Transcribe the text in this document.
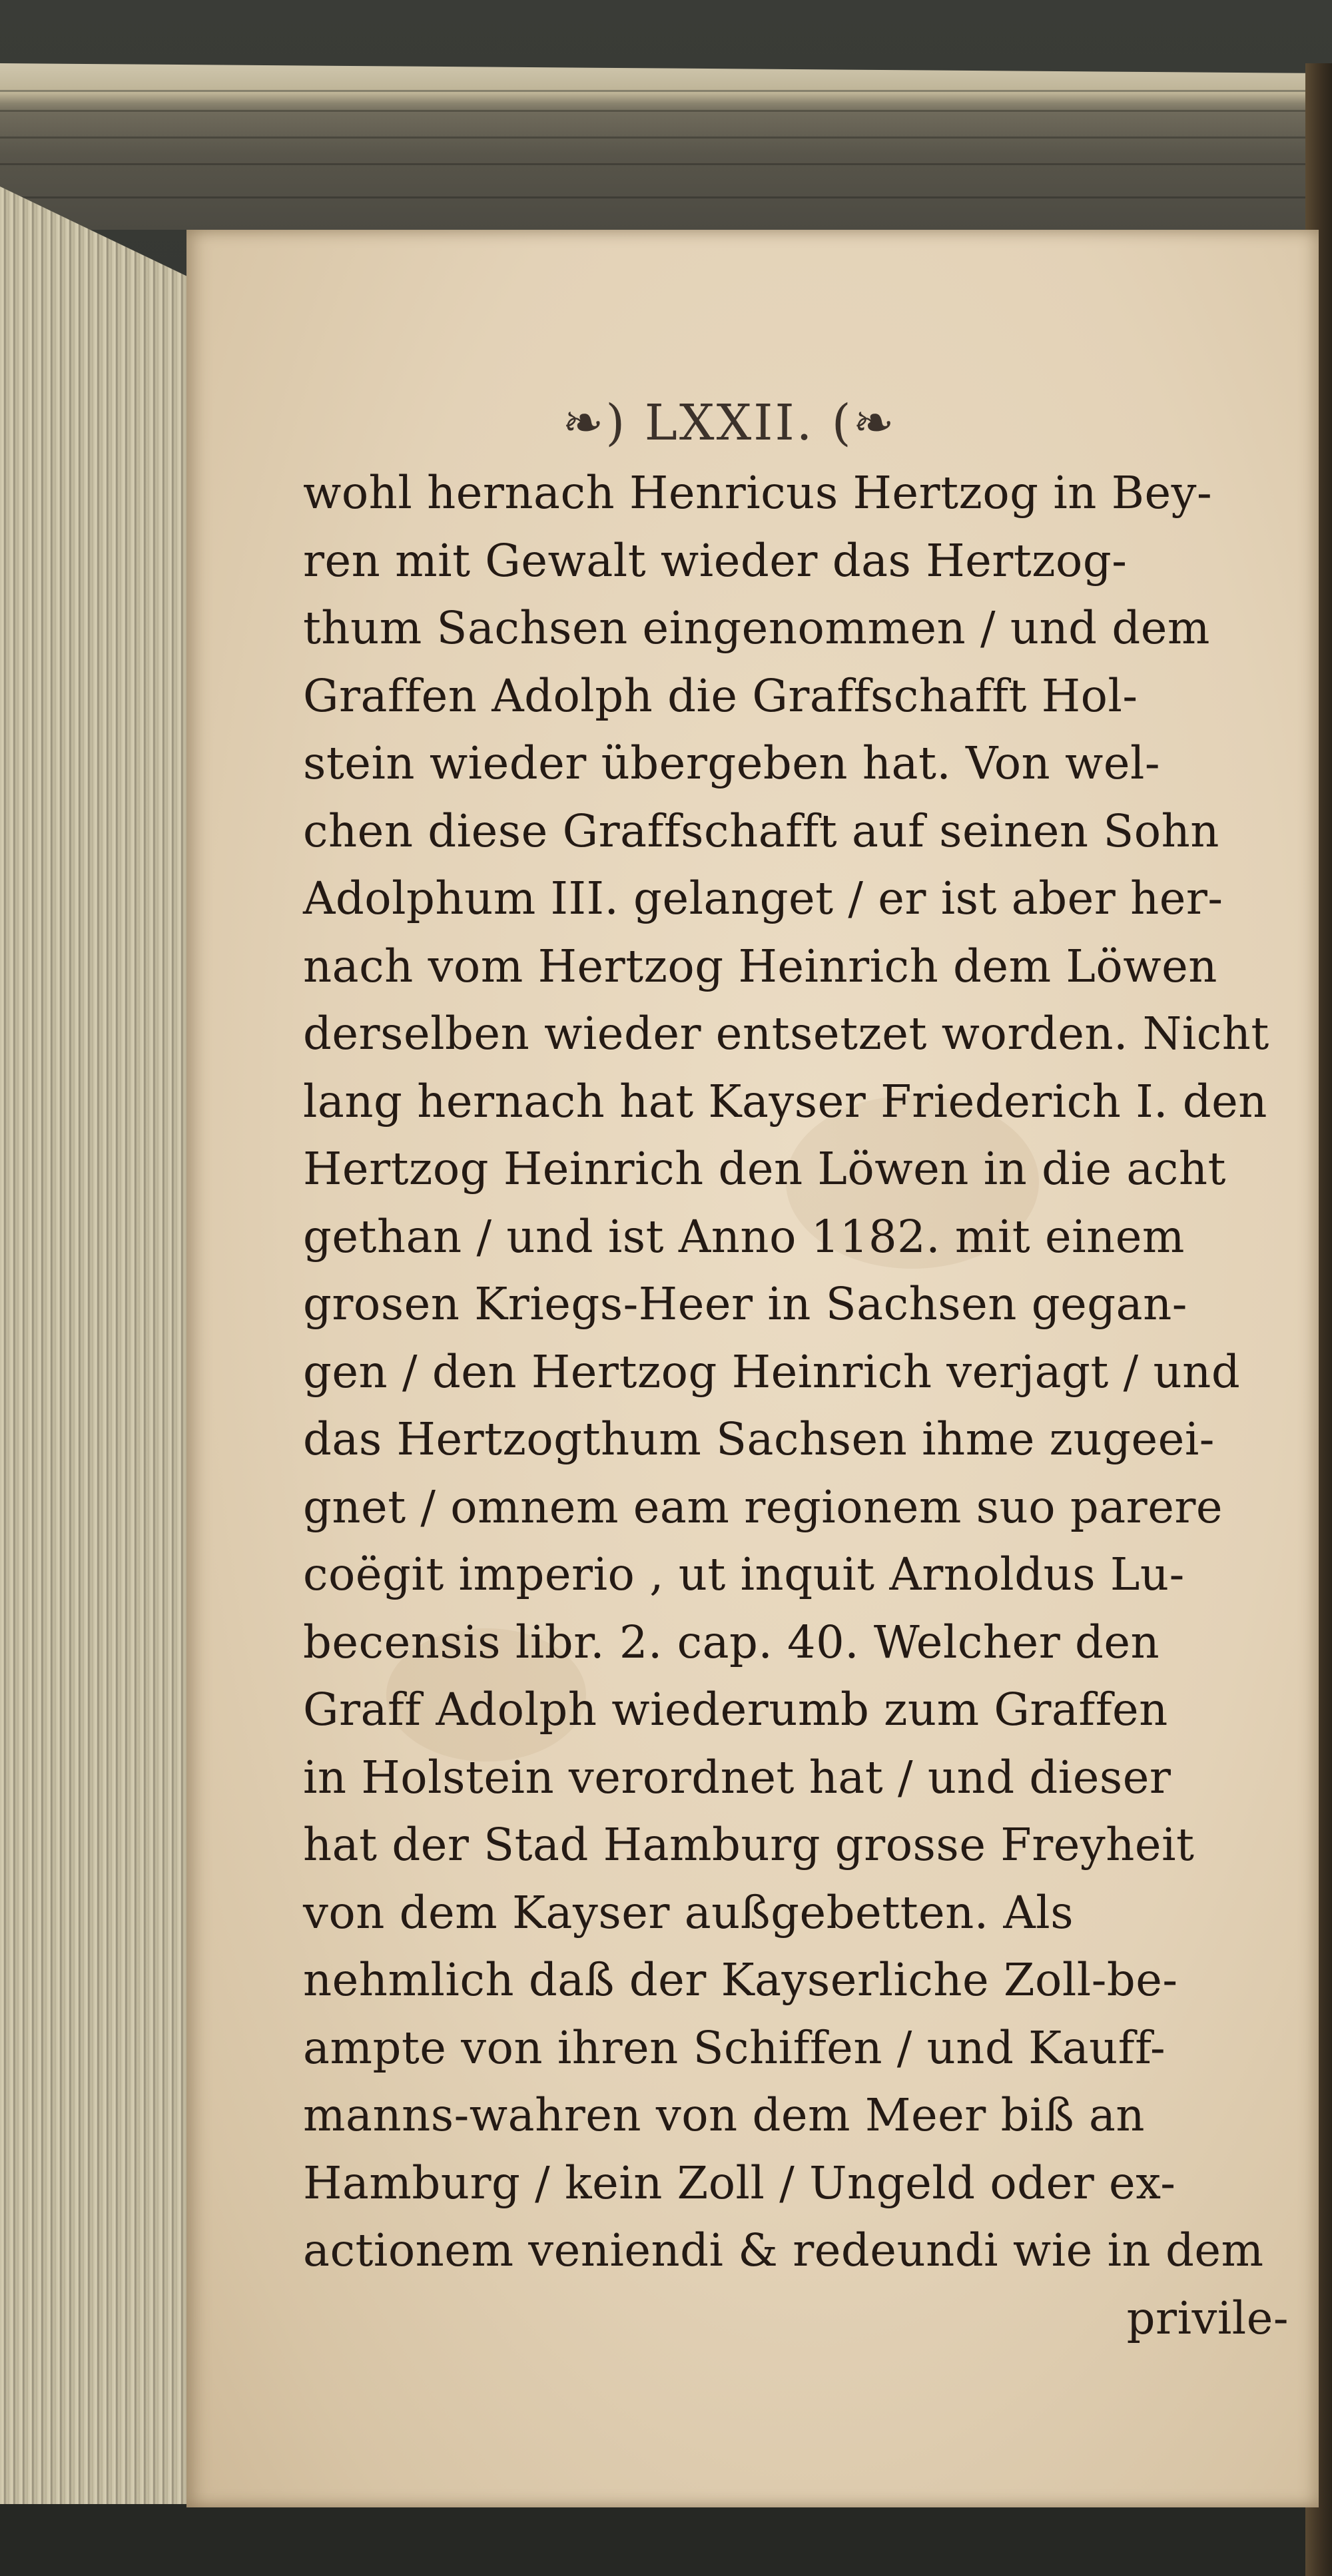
❧) LXXII. (❧
wohl hernach Henricus Hertzog in Bey-
ren mit Gewalt wieder das Hertzog-
thum Sachsen eingenommen / und dem
Graffen Adolph die Graffschafft Hol-
stein wieder übergeben hat. Von wel-
chen diese Graffschafft auf seinen Sohn
Adolphum III. gelanget / er ist aber her-
nach vom Hertzog Heinrich dem Löwen
derselben wieder entsetzet worden. Nicht
lang hernach hat Kayser Friederich I. den
Hertzog Heinrich den Löwen in die acht
gethan / und ist Anno 1182. mit einem
grosen Kriegs-Heer in Sachsen gegan-
gen / den Hertzog Heinrich verjagt / und
das Hertzogthum Sachsen ihme zugeei-
gnet / omnem eam regionem suo parere
coëgit imperio , ut inquit Arnoldus Lu-
becensis libr. 2. cap. 40. Welcher den
Graff Adolph wiederumb zum Graffen
in Holstein verordnet hat / und dieser
hat der Stad Hamburg grosse Freyheit
von dem Kayser außgebetten. Als
nehmlich daß der Kayserliche Zoll-be-
amptе von ihren Schiffen / und Kauff-
manns-wahren von dem Meer biß an
Hamburg / kein Zoll / Ungeld oder ex-
actionem veniendi & redeundi wie in dem
privile-
